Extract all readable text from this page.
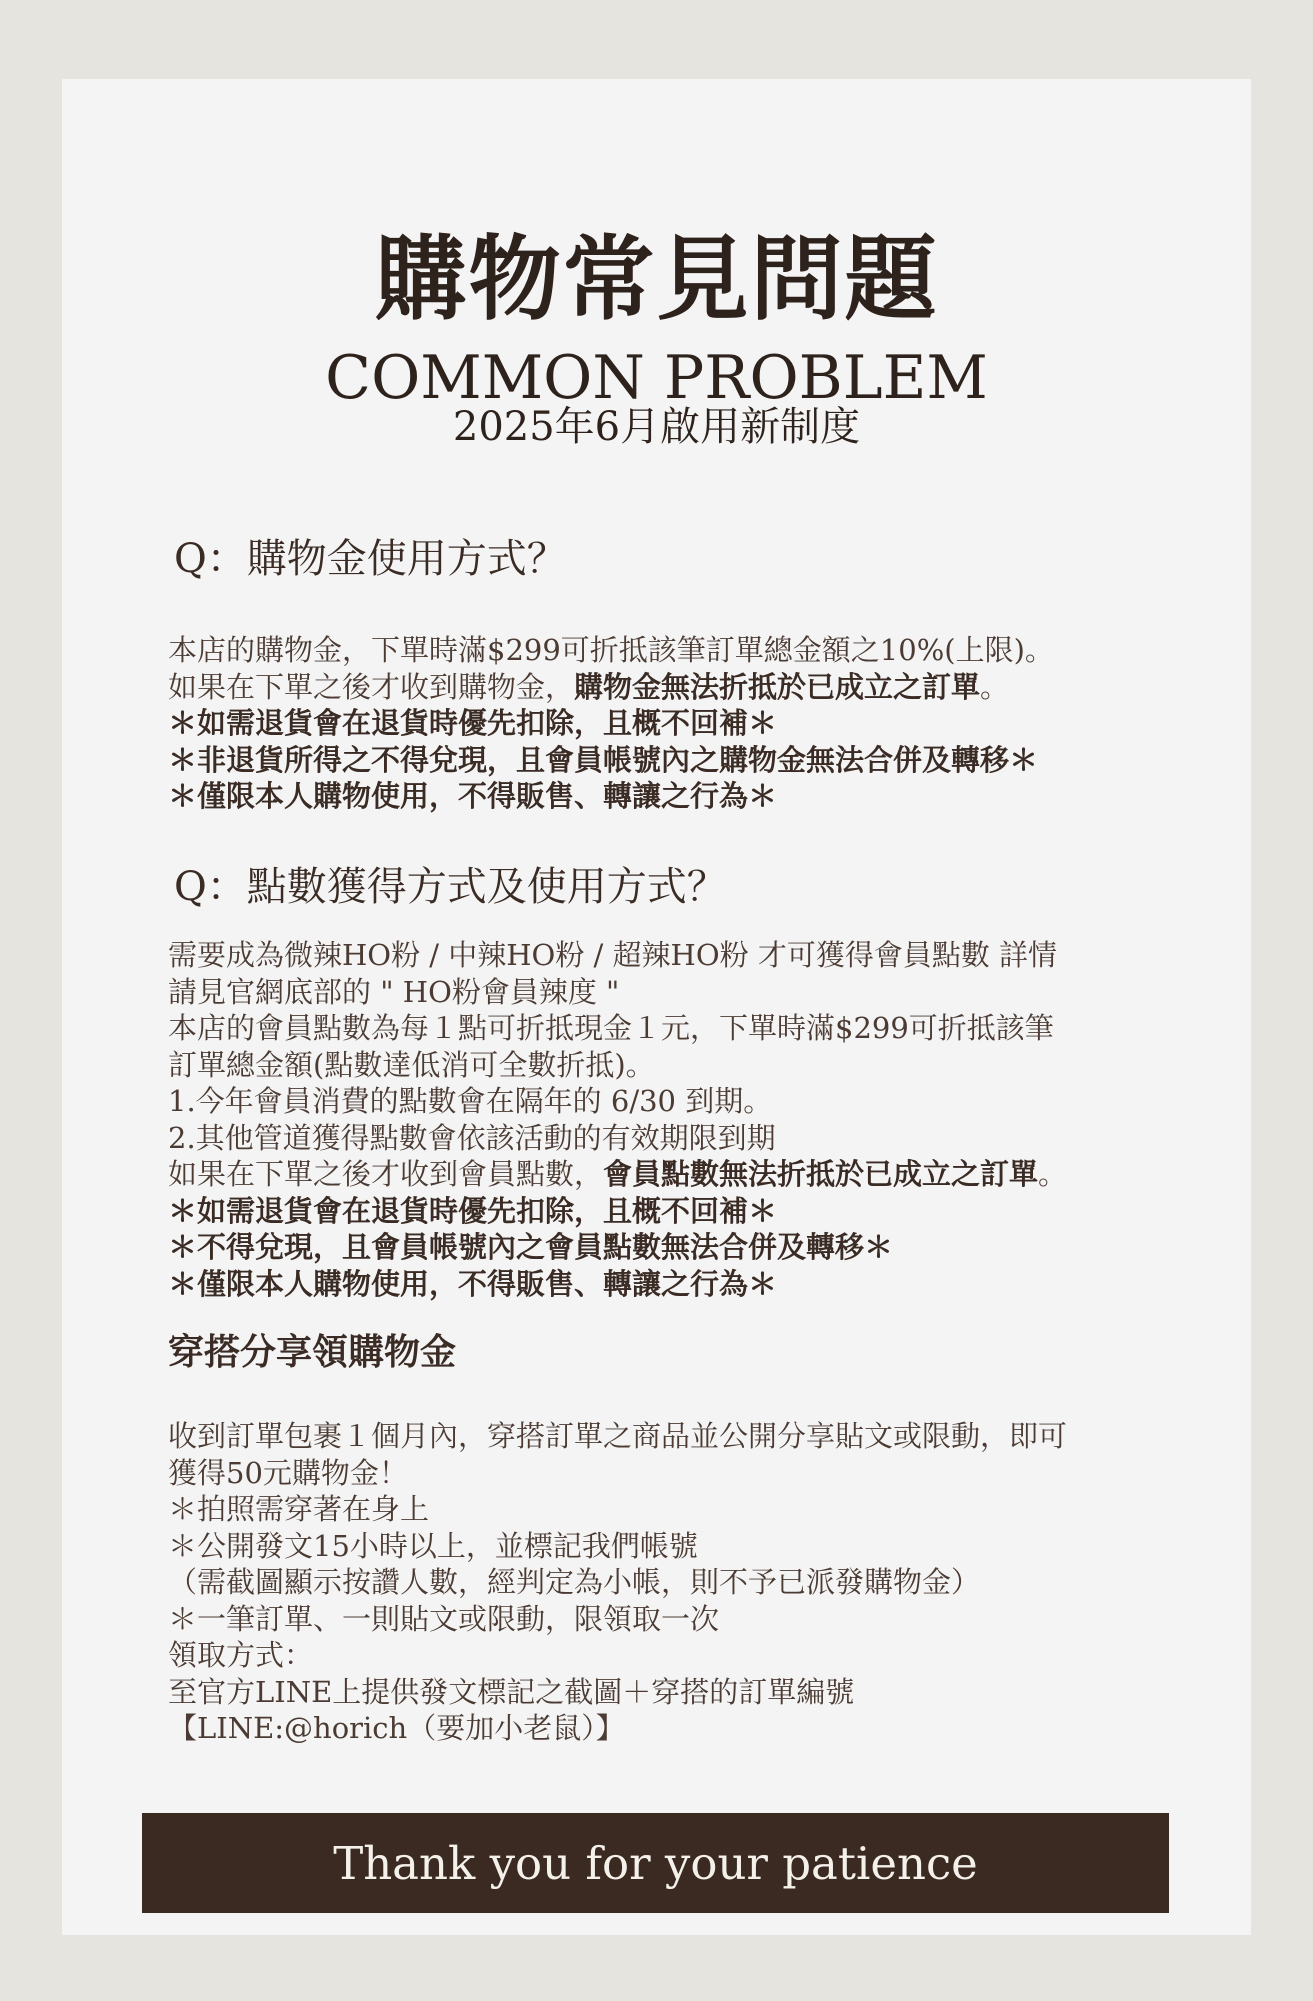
購物常見問題
COMMON PROBLEM
2025年6月啟用新制度
Q：購物金使用方式？
本店的購物金，下單時滿$299可折抵該筆訂單總金額之10%(上限)。
如果在下單之後才收到購物金，購物金無法折抵於已成立之訂單。
＊如需退貨會在退貨時優先扣除，且概不回補＊
＊非退貨所得之不得兌現，且會員帳號內之購物金無法合併及轉移＊
＊僅限本人購物使用，不得販售、轉讓之行為＊
Q：點數獲得方式及使用方式？
需要成為微辣HO粉 / 中辣HO粉 / 超辣HO粉 才可獲得會員點數 詳情
請見官網底部的 " HO粉會員辣度 "
本店的會員點數為每１點可折抵現金１元，下單時滿$299可折抵該筆
訂單總金額(點數達低消可全數折抵)。
1.今年會員消費的點數會在隔年的 6/30 到期。
2.其他管道獲得點數會依該活動的有效期限到期
如果在下單之後才收到會員點數，會員點數無法折抵於已成立之訂單。
＊如需退貨會在退貨時優先扣除，且概不回補＊
＊不得兌現，且會員帳號內之會員點數無法合併及轉移＊
＊僅限本人購物使用，不得販售、轉讓之行為＊
穿搭分享領購物金
收到訂單包裹１個月內，穿搭訂單之商品並公開分享貼文或限動，即可
獲得50元購物金！
＊拍照需穿著在身上
＊公開發文15小時以上，並標記我們帳號
（需截圖顯示按讚人數，經判定為小帳，則不予已派發購物金）
＊一筆訂單、一則貼文或限動，限領取一次
領取方式：
至官方LINE上提供發文標記之截圖＋穿搭的訂單編號
【LINE:@horich（要加小老鼠）】
Thank you for your patience
